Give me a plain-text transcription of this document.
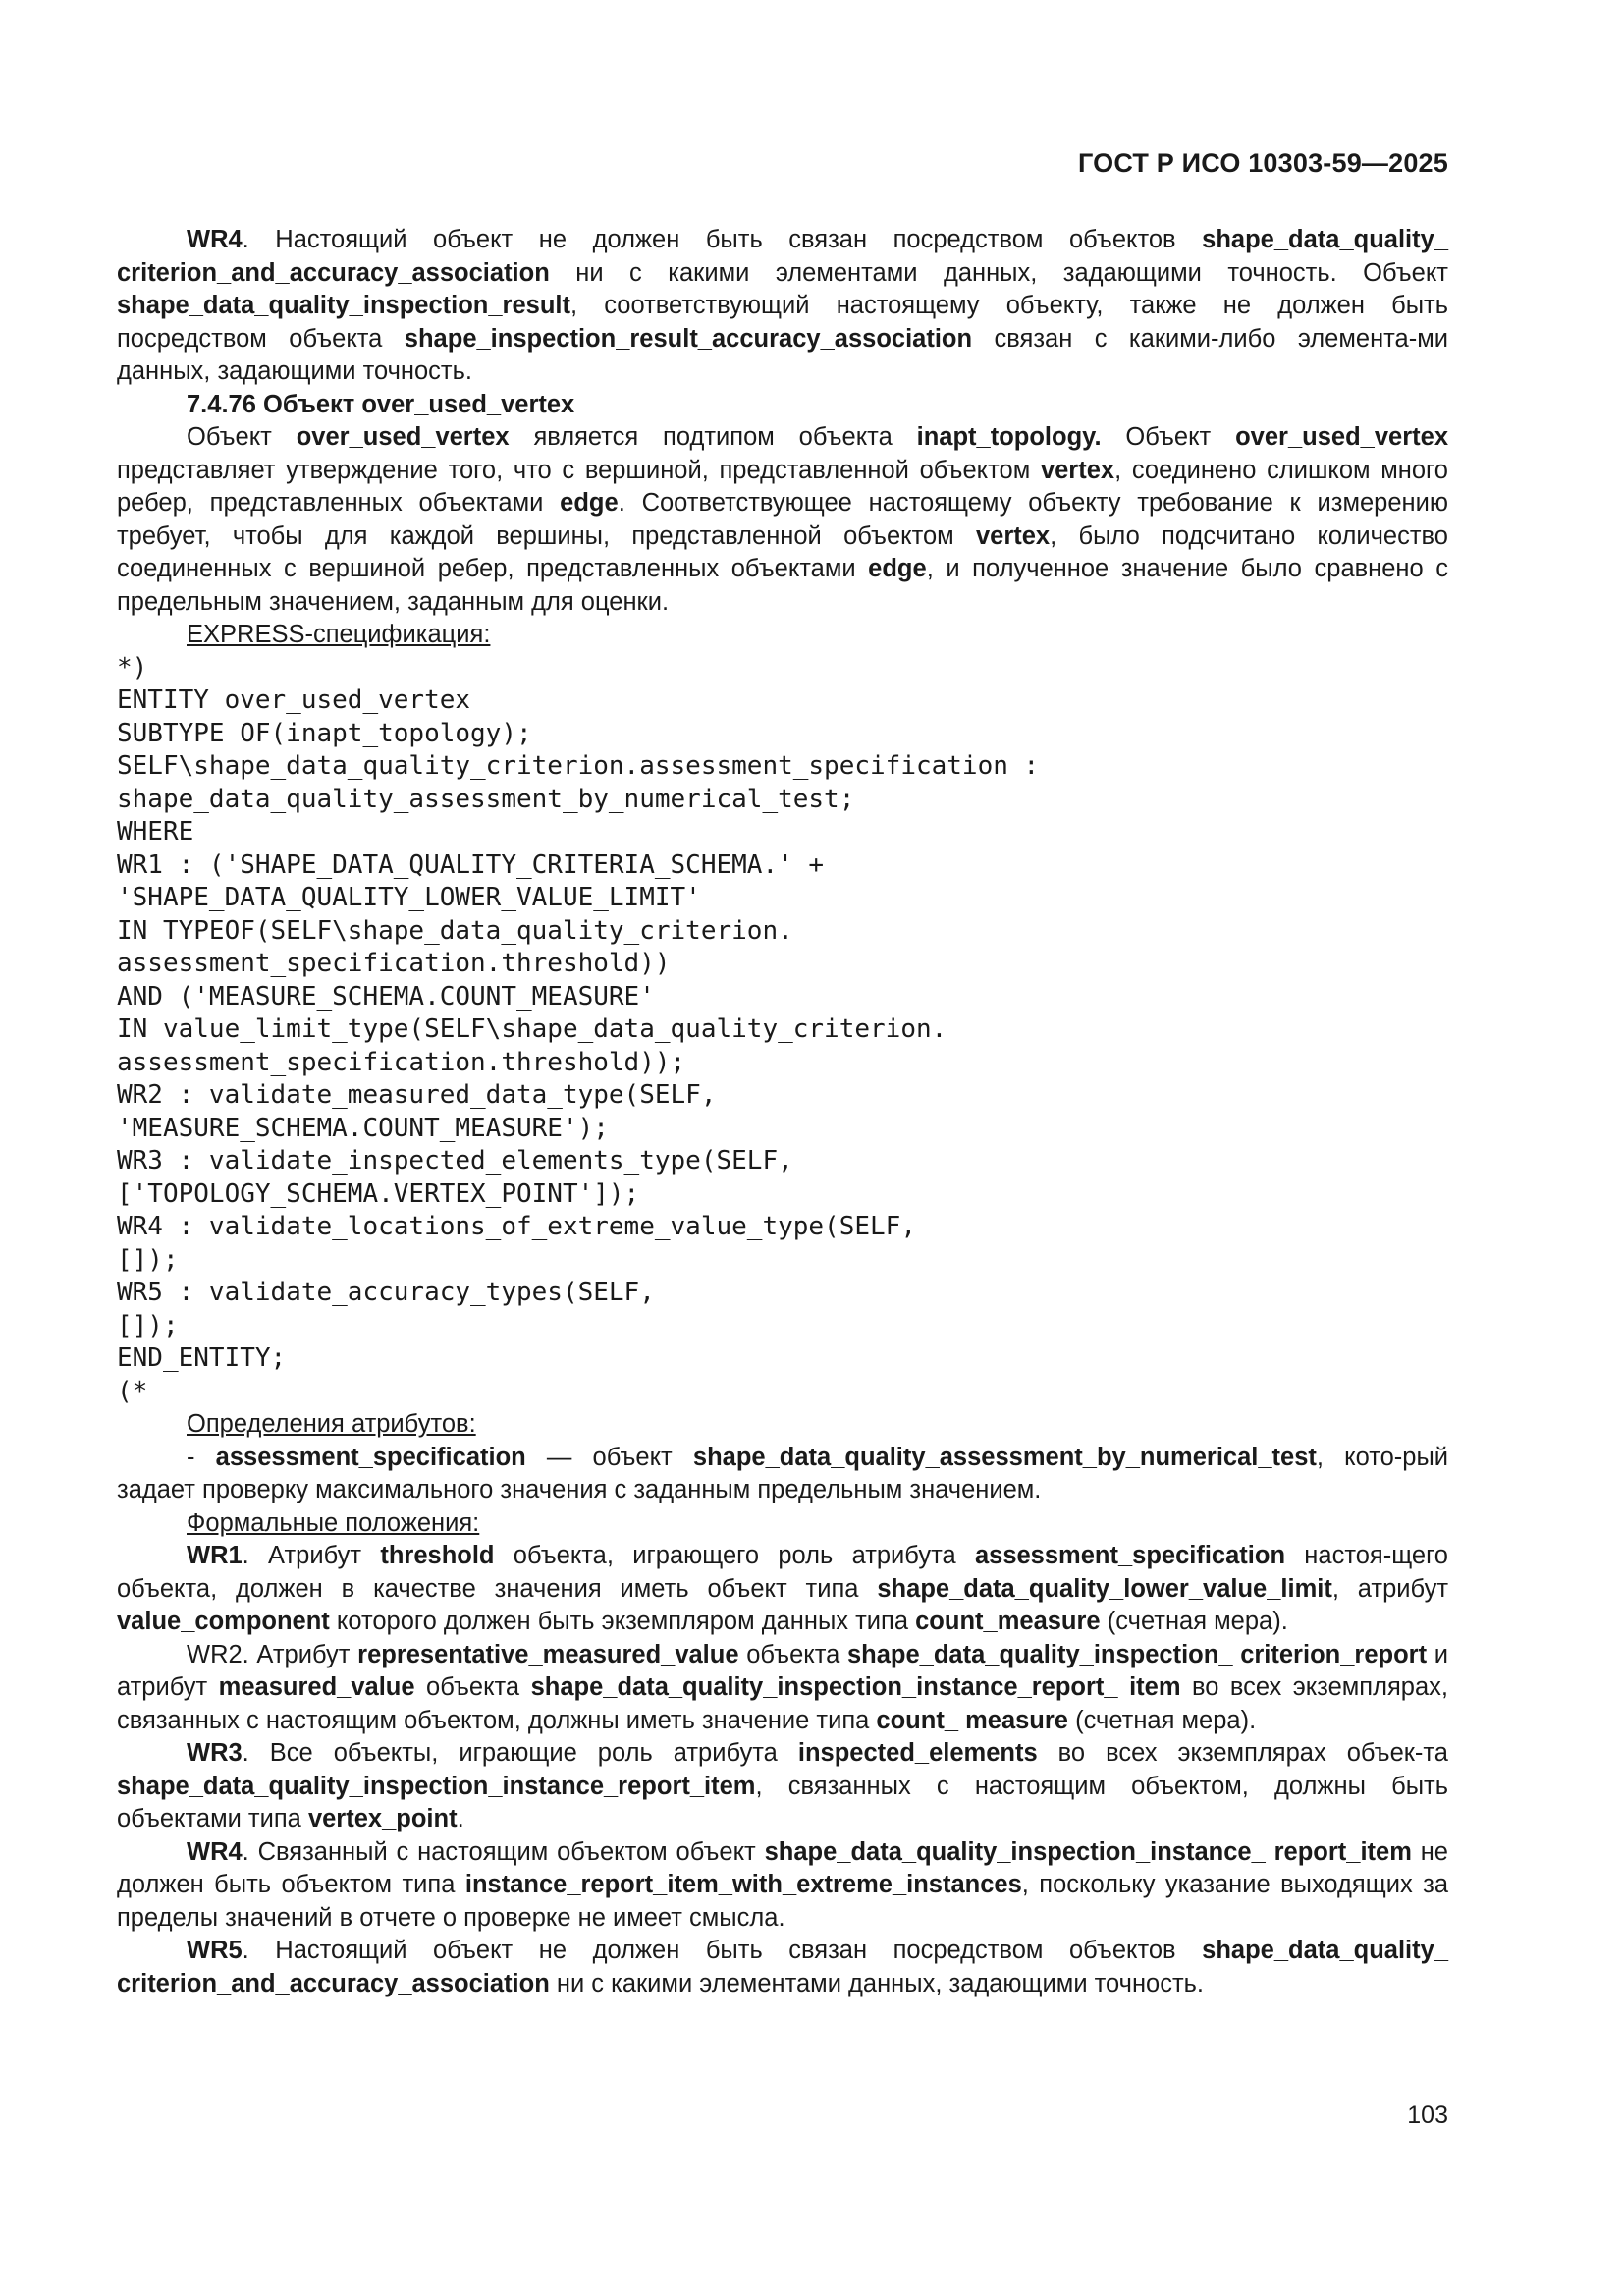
ГОСТ Р ИСО 10303-59—2025

WR4. Настоящий объект не должен быть связан посредством объектов shape_data_quality_ criterion_and_accuracy_association ни с какими элементами данных, задающими точность. Объект shape_data_quality_inspection_result, соответствующий настоящему объекту, также не должен быть посредством объекта shape_inspection_result_accuracy_association связан с какими-либо элемента-ми данных, задающими точность.

7.4.76 Объект over_used_vertex

Объект over_used_vertex является подтипом объекта inapt_topology. Объект over_used_vertex представляет утверждение того, что с вершиной, представленной объектом vertex, соединено слишком много ребер, представленных объектами edge. Соответствующее настоящему объекту требование к измерению требует, чтобы для каждой вершины, представленной объектом vertex, было подсчитано количество соединенных с вершиной ребер, представленных объектами edge, и полученное значение было сравнено с предельным значением, заданным для оценки.

EXPRESS-спецификация:

*)
ENTITY over_used_vertex
SUBTYPE OF(inapt_topology);
SELF\shape_data_quality_criterion.assessment_specification :
shape_data_quality_assessment_by_numerical_test;
WHERE
WR1 : ('SHAPE_DATA_QUALITY_CRITERIA_SCHEMA.' +
'SHAPE_DATA_QUALITY_LOWER_VALUE_LIMIT'
IN TYPEOF(SELF\shape_data_quality_criterion.
assessment_specification.threshold))
AND ('MEASURE_SCHEMA.COUNT_MEASURE'
IN value_limit_type(SELF\shape_data_quality_criterion.
assessment_specification.threshold));
WR2 : validate_measured_data_type(SELF,
'MEASURE_SCHEMA.COUNT_MEASURE');
WR3 : validate_inspected_elements_type(SELF,
['TOPOLOGY_SCHEMA.VERTEX_POINT']);
WR4 : validate_locations_of_extreme_value_type(SELF,
[]);
WR5 : validate_accuracy_types(SELF,
[]);
END_ENTITY;
(*

Определения атрибутов:

- assessment_specification — объект shape_data_quality_assessment_by_numerical_test, кото-рый задает проверку максимального значения с заданным предельным значением.

Формальные положения:

WR1. Атрибут threshold объекта, играющего роль атрибута assessment_specification настоя-щего объекта, должен в качестве значения иметь объект типа shape_data_quality_lower_value_limit, атрибут value_component которого должен быть экземпляром данных типа count_measure (счетная мера).

WR2. Атрибут representative_measured_value объекта shape_data_quality_inspection_ criterion_report и атрибут measured_value объекта shape_data_quality_inspection_instance_report_ item во всех экземплярах, связанных с настоящим объектом, должны иметь значение типа count_ measure (счетная мера).

WR3. Все объекты, играющие роль атрибута inspected_elements во всех экземплярах объек-та shape_data_quality_inspection_instance_report_item, связанных с настоящим объектом, должны быть объектами типа vertex_point.

WR4. Связанный с настоящим объектом объект shape_data_quality_inspection_instance_ report_item не должен быть объектом типа instance_report_item_with_extreme_instances, поскольку указание выходящих за пределы значений в отчете о проверке не имеет смысла.

WR5. Настоящий объект не должен быть связан посредством объектов shape_data_quality_ criterion_and_accuracy_association ни с какими элементами данных, задающими точность.

103
